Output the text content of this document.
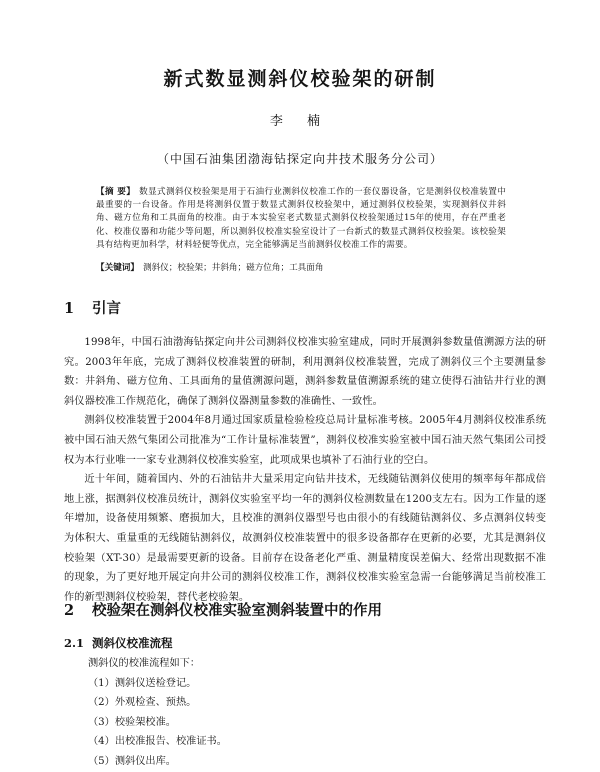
新式数显测斜仪校验架的研制
李 楠
（中国石油集团渤海钻探定向井技术服务分公司）
【摘 要】 数显式测斜仪校验架是用于石油行业测斜仪校准工作的一套仪器设备，它是测斜仪校准装置中最重要的一台设备。作用是将测斜仪置于数显式测斜仪校验架中，通过测斜仪校验架，实现测斜仪井斜角、磁方位角和工具面角的校准。由于本实验室老式数显式测斜仪校验架通过15年的使用，存在严重老化、校准仪器和功能少等问题，所以测斜仪校准实验室设计了一台新式的数显式测斜仪校验架。该校验架具有结构更加科学，材料轻便等优点，完全能够满足当前测斜仪校准工作的需要。
【关键词】 测斜仪；校验架；井斜角；磁方位角；工具面角
1 引言

1998年，中国石油渤海钻探定向井公司测斜仪校准实验室建成，同时开展测斜参数量值溯源方法的研究。2003年年底，完成了测斜仪校准装置的研制，利用测斜仪校准装置，完成了测斜仪三个主要测量参数：井斜角、磁方位角、工具面角的量值溯源问题，测斜参数量值溯源系统的建立使得石油钻井行业的测斜仪器校准工作规范化，确保了测斜仪器测量参数的准确性、一致性。

测斜仪校准装置于2004年8月通过国家质量检验检疫总局计量标准考核。2005年4月测斜仪校准系统被中国石油天然气集团公司批准为“工作计量标准装置”，测斜仪校准实验室被中国石油天然气集团公司授权为本行业唯一一家专业测斜仪校准实验室，此项成果也填补了石油行业的空白。

近十年间，随着国内、外的石油钻井大量采用定向钻井技术，无线随钻测斜仪使用的频率每年都成倍地上涨，据测斜仪校准员统计，测斜仪实验室平均一年的测斜仪检测数量在1200支左右。因为工作量的逐年增加，设备使用频繁、磨损加大，且校准的测斜仪器型号也由很小的有线随钻测斜仪、多点测斜仪转变为体积大、重量重的无线随钻测斜仪，故测斜仪校准装置中的很多设备都存在更新的必要，尤其是测斜仪校验架（XT-30）是最需要更新的设备。目前存在设备老化严重、测量精度误差偏大、经常出现数据不准的现象，为了更好地开展定向井公司的测斜仪校准工作，测斜仪校准实验室急需一台能够满足当前校准工作的新型测斜仪校验架，替代老校验架。

2 校验架在测斜仪校准实验室测斜装置中的作用
2.1 测斜仪校准流程
测斜仪的校准流程如下：
（1）测斜仪送检登记。
（2）外观检查、预热。
（3）校验架校准。
（4）出校准报告、校准证书。
（5）测斜仪出库。
